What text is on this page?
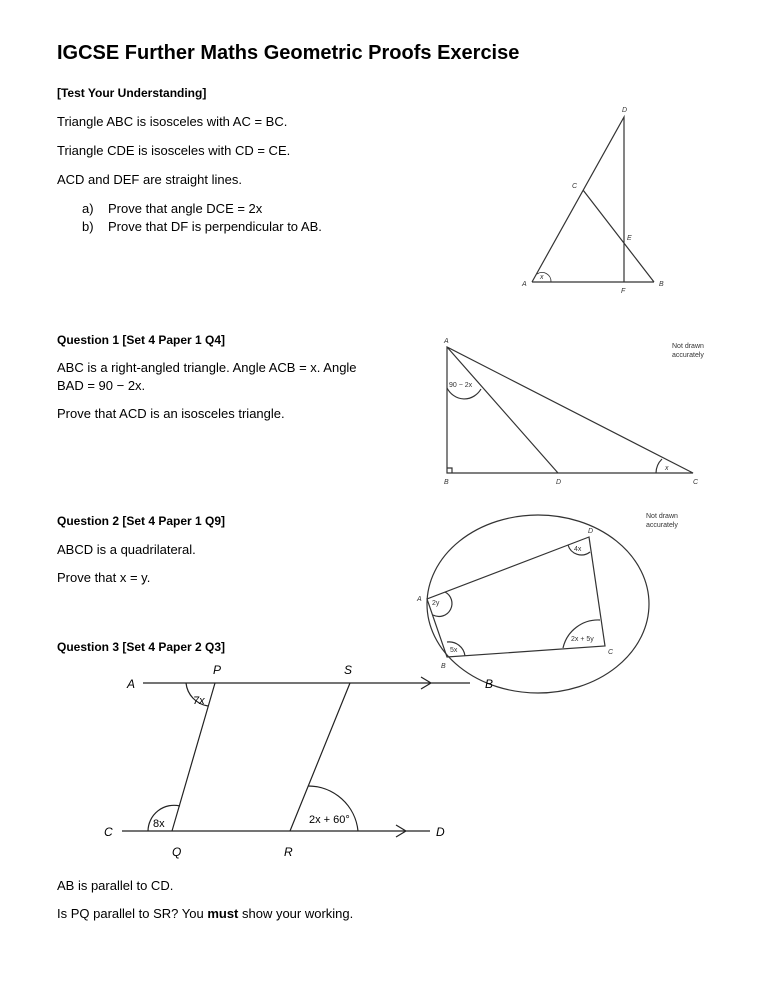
IGCSE Further Maths Geometric Proofs Exercise
[Test Your Understanding]
Triangle ABC is isosceles with AC = BC.
Triangle CDE is isosceles with CD = CE.
ACD and DEF are straight lines.
a) Prove that angle DCE = 2x
b) Prove that DF is perpendicular to AB.
Question 1 [Set 4 Paper 1 Q4]
ABC is a right-angled triangle. Angle ACB = x. Angle
BAD = 90 − 2x.
Prove that ACD is an isosceles triangle.
Question 2 [Set 4 Paper 1 Q9]
ABCD is a quadrilateral.
Prove that x = y.
Question 3 [Set 4 Paper 2 Q3]
AB is parallel to CD.
Is PQ parallel to SR? You must show your working.
D
C
E
A	B
F
x
A
B	D	C
90 − 2x
x
Not drawn
accurately
D
A
B
C
4x
2y
5x
2x + 5y
Not drawn
accurately
A
P	S
B
C
Q	R
D
7x
8x	2x + 60°
